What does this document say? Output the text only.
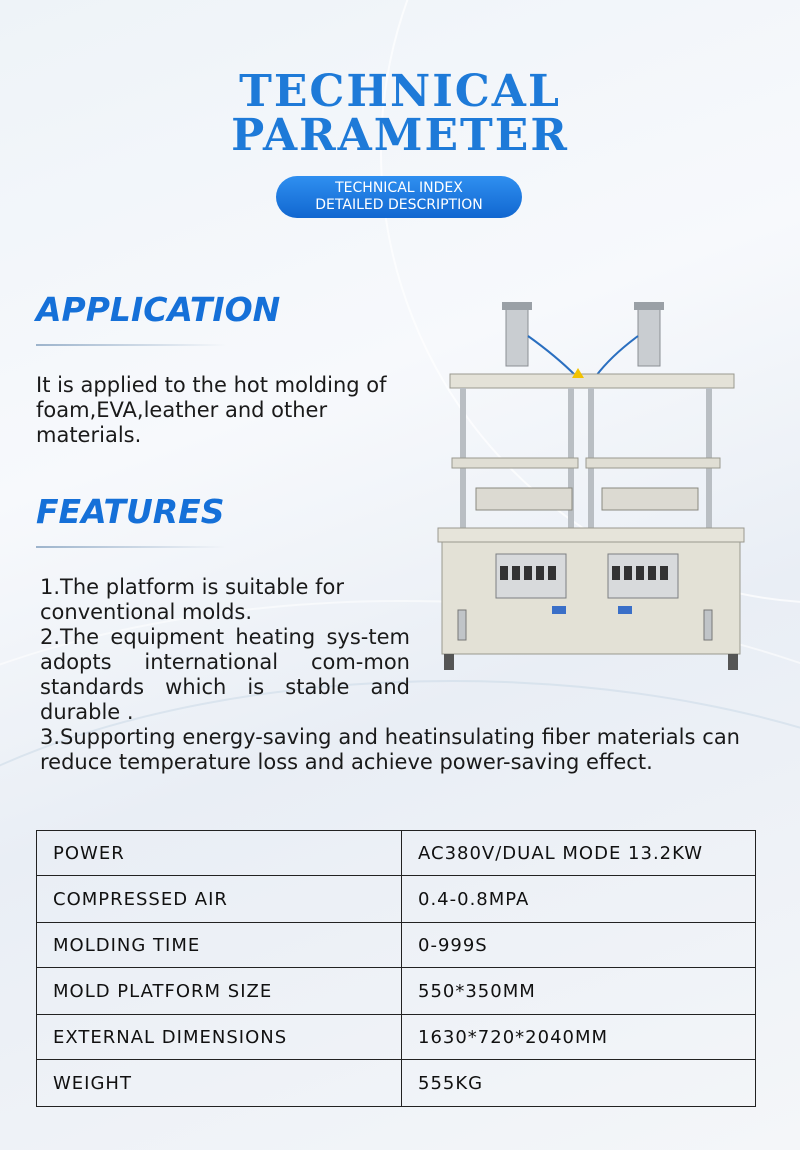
TECHNICAL
PARAMETER
TECHNICAL INDEX
DETAILED DESCRIPTION
APPLICATION
It is applied to the hot molding of foam,EVA,leather and other materials.
FEATURES
1.The platform is suitable for conventional molds.
2.The equipment heating sys-tem adopts international com-mon standards which is stable and durable .
3.Supporting energy-saving and heatinsulating fiber materials can reduce temperature loss and achieve power-saving effect.
POWER	AC380V/DUAL MODE 13.2KW
COMPRESSED AIR	0.4-0.8MPA
MOLDING TIME	0-999S
MOLD PLATFORM SIZE	550*350MM
EXTERNAL DIMENSIONS	1630*720*2040MM
WEIGHT	555KG
